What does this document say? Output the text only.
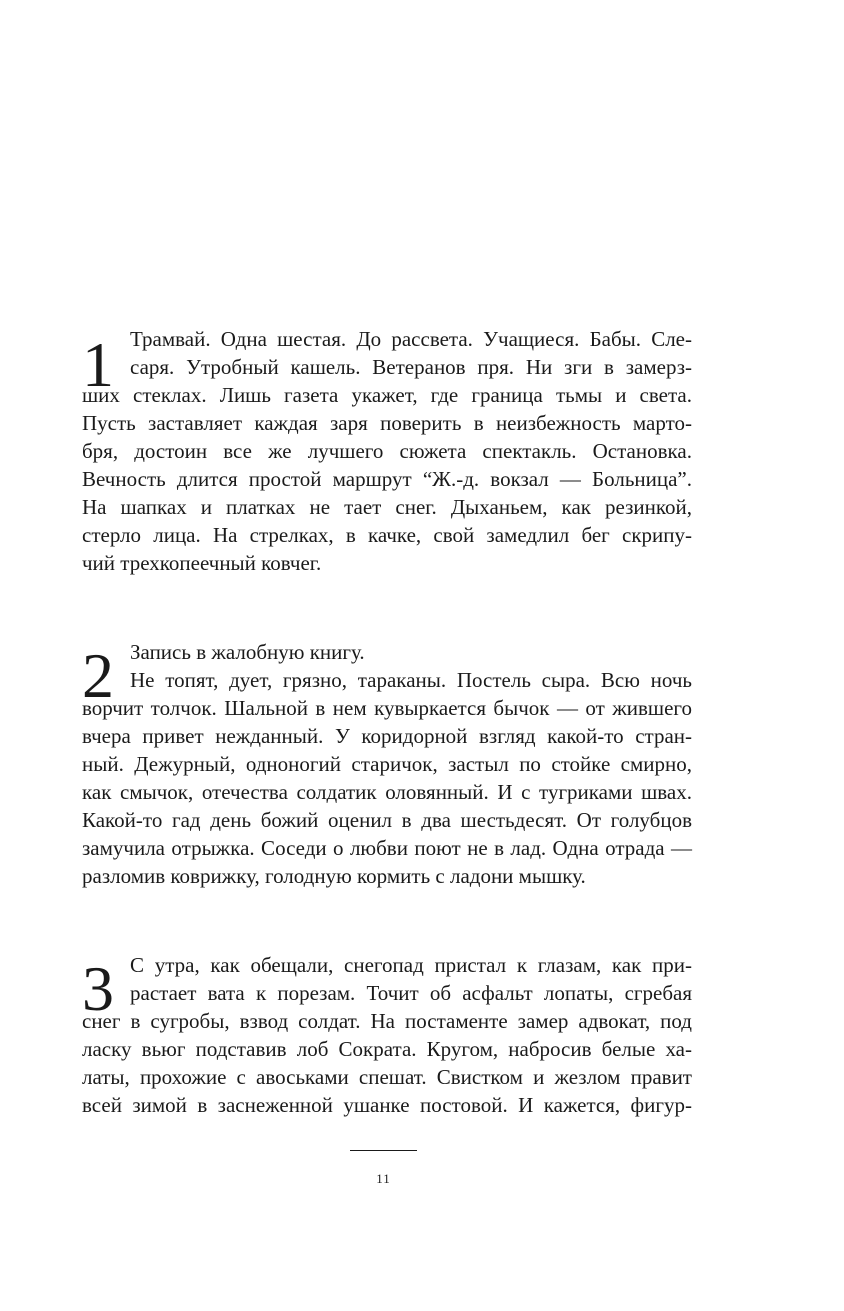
1 Трамвай. Одна шестая. До рассвета. Учащиеся. Бабы. Сле-
саря. Утробный кашель. Ветеранов пря. Ни зги в замерз-
ших стеклах. Лишь газета укажет, где граница тьмы и света.
Пусть заставляет каждая заря поверить в неизбежность марто-
бря, достоин все же лучшего сюжета спектакль. Остановка.
Вечность длится простой маршрут “Ж.-д. вокзал — Больница”.
На шапках и платках не тает снег. Дыханьем, как резинкой,
стерло лица. На стрелках, в качке, свой замедлил бег скрипу-
чий трехкопеечный ковчег.
2 Запись в жалобную книгу.
Не топят, дует, грязно, тараканы. Постель сыра. Всю ночь
ворчит толчок. Шальной в нем кувыркается бычок — от жившего
вчера привет нежданный. У коридорной взгляд какой-то стран-
ный. Дежурный, одноногий старичок, застыл по стойке смирно,
как смычок, отечества солдатик оловянный. И с тугриками швах.
Какой-то гад день божий оценил в два шестьдесят. От голубцов
замучила отрыжка. Соседи о любви поют не в лад. Одна отрада —
разломив коврижку, голодную кормить с ладони мышку.
3 С утра, как обещали, снегопад пристал к глазам, как при-
растает вата к порезам. Точит об асфальт лопаты, сгребая
снег в сугробы, взвод солдат. На постаменте замер адвокат, под
ласку вьюг подставив лоб Сократа. Кругом, набросив белые ха-
латы, прохожие с авоськами спешат. Свистком и жезлом правит
всей зимой в заснеженной ушанке постовой. И кажется, фигур-
11
